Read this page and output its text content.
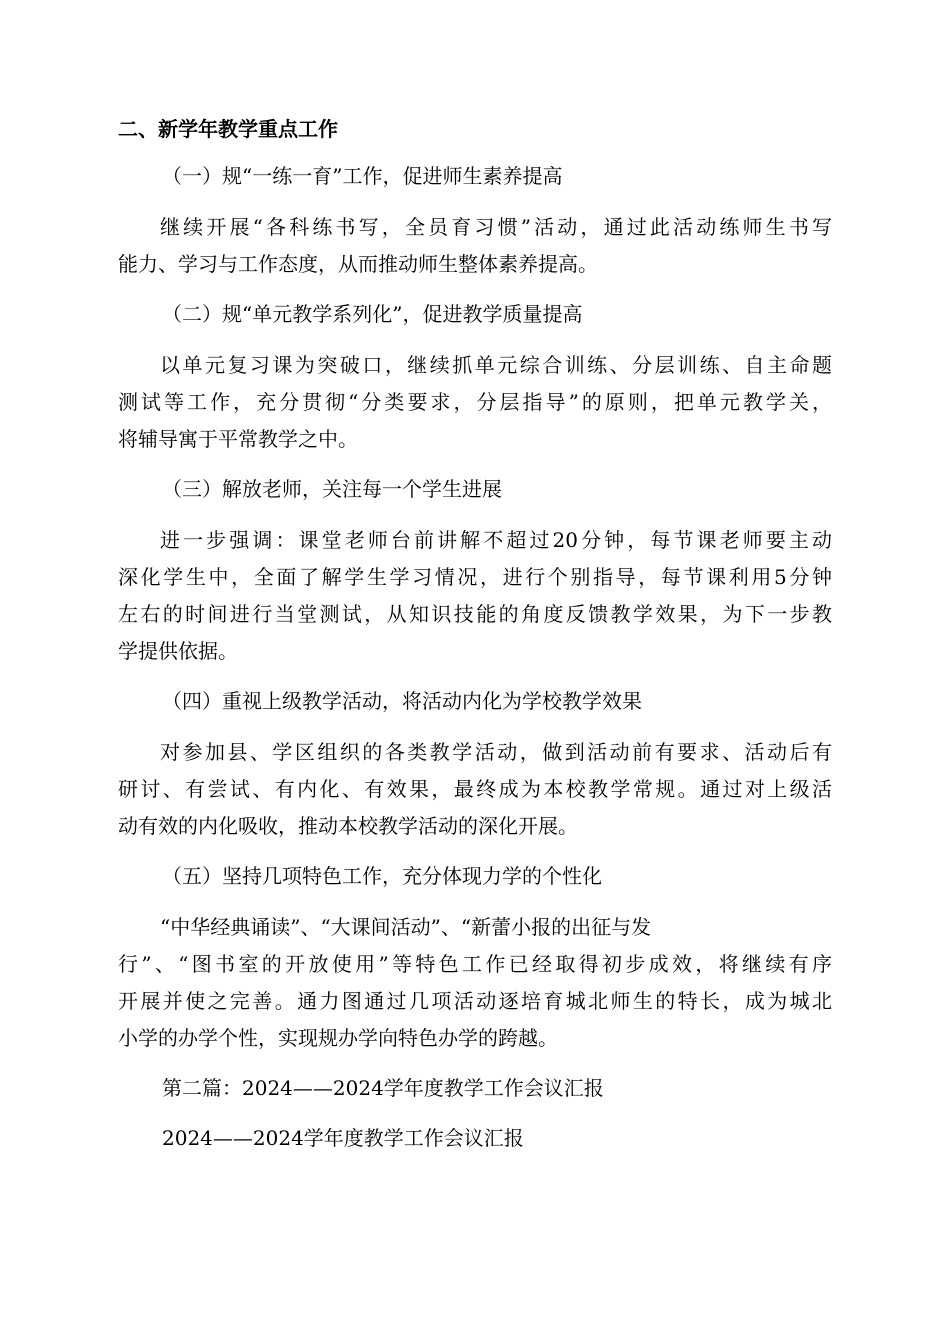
二、新学年教学重点工作
（一）规“一练一育”工作，促进师生素养提高
继续开展“各科练书写，全员育习惯”活动，通过此活动练师生书写
能力、学习与工作态度，从而推动师生整体素养提高。
（二）规“单元教学系列化”，促进教学质量提高
以单元复习课为突破口，继续抓单元综合训练、分层训练、自主命题
测试等工作，充分贯彻“分类要求，分层指导”的原则，把单元教学关，
将辅导寓于平常教学之中。
（三）解放老师，关注每一个学生进展
进一步强调：课堂老师台前讲解不超过20分钟，每节课老师要主动
深化学生中，全面了解学生学习情况，进行个别指导，每节课利用5分钟
左右的时间进行当堂测试，从知识技能的角度反馈教学效果，为下一步教
学提供依据。
（四）重视上级教学活动，将活动内化为学校教学效果
对参加县、学区组织的各类教学活动，做到活动前有要求、活动后有
研讨、有尝试、有内化、有效果，最终成为本校教学常规。通过对上级活
动有效的内化吸收，推动本校教学活动的深化开展。
（五）坚持几项特色工作，充分体现力学的个性化
“中华经典诵读”、“大课间活动”、“新蕾小报的出征与发
行”、“图书室的开放使用”等特色工作已经取得初步成效，将继续有序
开展并使之完善。通力图通过几项活动逐培育城北师生的特长，成为城北
小学的办学个性，实现规办学向特色办学的跨越。
第二篇：2024——2024学年度教学工作会议汇报
2024——2024学年度教学工作会议汇报
